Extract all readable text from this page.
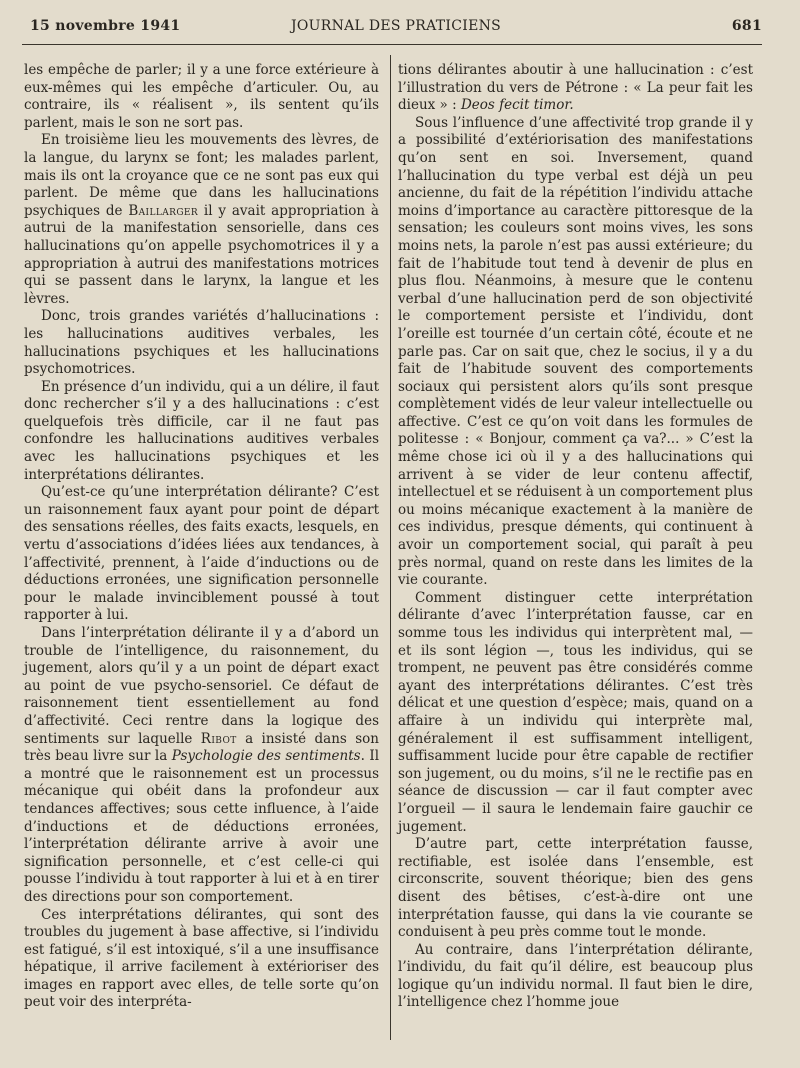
15 novembre 1941	JOURNAL DES PRATICIENS	681

les empêche de parler; il y a une force extérieure à eux-mêmes qui les empêche d’articuler. Ou, au contraire, ils « réalisent », ils sentent qu’ils parlent, mais le son ne sort pas.

En troisième lieu les mouvements des lèvres, de la langue, du larynx se font; les malades parlent, mais ils ont la croyance que ce ne sont pas eux qui parlent. De même que dans les hallucinations psychiques de Baillarger il y avait appropriation à autrui de la manifestation sensorielle, dans ces hallucinations qu’on appelle psychomotrices il y a appropriation à autrui des manifestations motrices qui se passent dans le larynx, la langue et les lèvres.

Donc, trois grandes variétés d’hallucinations : les hallucinations auditives verbales, les hallucinations psychiques et les hallucinations psychomotrices.

En présence d’un individu, qui a un délire, il faut donc rechercher s’il y a des hallucinations : c’est quelquefois très difficile, car il ne faut pas confondre les hallucinations auditives verbales avec les hallucinations psychiques et les interprétations délirantes.

Qu’est-ce qu’une interprétation délirante? C’est un raisonnement faux ayant pour point de départ des sensations réelles, des faits exacts, lesquels, en vertu d’associations d’idées liées aux tendances, à l’affectivité, prennent, à l’aide d’inductions ou de déductions erronées, une signification personnelle pour le malade invinciblement poussé à tout rapporter à lui.

Dans l’interprétation délirante il y a d’abord un trouble de l’intelligence, du raisonnement, du jugement, alors qu’il y a un point de départ exact au point de vue psycho-sensoriel. Ce défaut de raisonnement tient essentiellement au fond d’affectivité. Ceci rentre dans la logique des sentiments sur laquelle Ribot a insisté dans son très beau livre sur la Psychologie des sentiments. Il a montré que le raisonnement est un processus mécanique qui obéit dans la profondeur aux tendances affectives; sous cette influence, à l’aide d’inductions et de déductions erronées, l’interprétation délirante arrive à avoir une signification personnelle, et c’est celle-ci qui pousse l’individu à tout rapporter à lui et à en tirer des directions pour son comportement.

Ces interprétations délirantes, qui sont des troubles du jugement à base affective, si l’individu est fatigué, s’il est intoxiqué, s’il a une insuffisance hépatique, il arrive facilement à extérioriser des images en rapport avec elles, de telle sorte qu’on peut voir des interpréta-

tions délirantes aboutir à une hallucination : c’est l’illustration du vers de Pétrone : « La peur fait les dieux » : Deos fecit timor.

Sous l’influence d’une affectivité trop grande il y a possibilité d’extériorisation des manifestations qu’on sent en soi. Inversement, quand l’hallucination du type verbal est déjà un peu ancienne, du fait de la répétition l’individu attache moins d’importance au caractère pittoresque de la sensation; les couleurs sont moins vives, les sons moins nets, la parole n’est pas aussi extérieure; du fait de l’habitude tout tend à devenir de plus en plus flou. Néanmoins, à mesure que le contenu verbal d’une hallucination perd de son objectivité le comportement persiste et l’individu, dont l’oreille est tournée d’un certain côté, écoute et ne parle pas. Car on sait que, chez le socius, il y a du fait de l’habitude souvent des comportements sociaux qui persistent alors qu’ils sont presque complètement vidés de leur valeur intellectuelle ou affective. C’est ce qu’on voit dans les formules de politesse : « Bonjour, comment ça va?... » C’est la même chose ici où il y a des hallucinations qui arrivent à se vider de leur contenu affectif, intellectuel et se réduisent à un comportement plus ou moins mécanique exactement à la manière de ces individus, presque déments, qui continuent à avoir un comportement social, qui paraît à peu près normal, quand on reste dans les limites de la vie courante.

Comment distinguer cette interprétation délirante d’avec l’interprétation fausse, car en somme tous les individus qui interprètent mal, — et ils sont légion —, tous les individus, qui se trompent, ne peuvent pas être considérés comme ayant des interprétations délirantes. C’est très délicat et une question d’espèce; mais, quand on a affaire à un individu qui interprète mal, généralement il est suffisamment intelligent, suffisamment lucide pour être capable de rectifier son jugement, ou du moins, s’il ne le rectifie pas en séance de discussion — car il faut compter avec l’orgueil — il saura le lendemain faire gauchir ce jugement.

D’autre part, cette interprétation fausse, rectifiable, est isolée dans l’ensemble, est circonscrite, souvent théorique; bien des gens disent des bêtises, c’est-à-dire ont une interprétation fausse, qui dans la vie courante se conduisent à peu près comme tout le monde.

Au contraire, dans l’interprétation délirante, l’individu, du fait qu’il délire, est beaucoup plus logique qu’un individu normal. Il faut bien le dire, l’intelligence chez l’homme joue
